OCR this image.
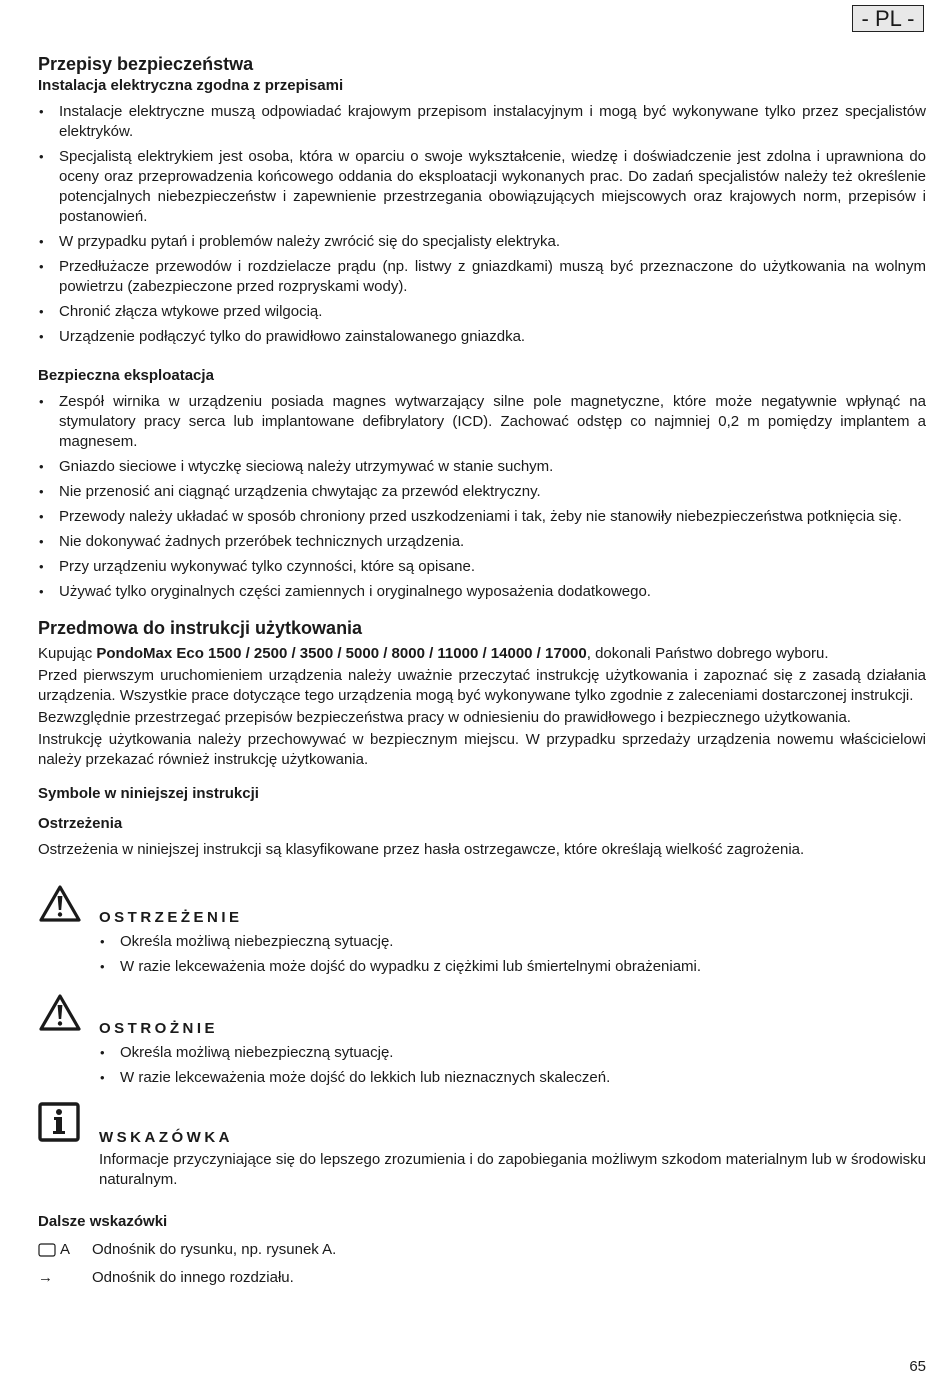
- PL -
Przepisy bezpieczeństwa
Instalacja elektryczna zgodna z przepisami
• Instalacje elektryczne muszą odpowiadać krajowym przepisom instalacyjnym i mogą być wykonywane tylko przez specjalistów elektryków.
• Specjalistą elektrykiem jest osoba, która w oparciu o swoje wykształcenie, wiedzę i doświadczenie jest zdolna i uprawniona do oceny oraz przeprowadzenia końcowego oddania do eksploatacji wykonanych prac. Do zadań specjalistów należy też określenie potencjalnych niebezpieczeństw i zapewnienie przestrzegania obowiązujących miejscowych oraz krajowych norm, przepisów i postanowień.
• W przypadku pytań i problemów należy zwrócić się do specjalisty elektryka.
• Przedłużacze przewodów i rozdzielacze prądu (np. listwy z gniazdkami) muszą być przeznaczone do użytkowania na wolnym powietrzu (zabezpieczone przed rozpryskami wody).
• Chronić złącza wtykowe przed wilgocią.
• Urządzenie podłączyć tylko do prawidłowo zainstalowanego gniazdka.
Bezpieczna eksploatacja
• Zespół wirnika w urządzeniu posiada magnes wytwarzający silne pole magnetyczne, które może negatywnie wpłynąć na stymulatory pracy serca lub implantowane defibrylatory (ICD). Zachować odstęp co najmniej 0,2 m pomiędzy implantem a magnesem.
• Gniazdo sieciowe i wtyczkę sieciową należy utrzymywać w stanie suchym.
• Nie przenosić ani ciągnąć urządzenia chwytając za przewód elektryczny.
• Przewody należy układać w sposób chroniony przed uszkodzeniami i tak, żeby nie stanowiły niebezpieczeństwa potknięcia się.
• Nie dokonywać żadnych przeróbek technicznych urządzenia.
• Przy urządzeniu wykonywać tylko czynności, które są opisane.
• Używać tylko oryginalnych części zamiennych i oryginalnego wyposażenia dodatkowego.
Przedmowa do instrukcji użytkowania

Kupując PondoMax Eco 1500 / 2500 / 3500 / 5000 / 8000 / 11000 / 14000 / 17000, dokonali Państwo dobrego wyboru.

Przed pierwszym uruchomieniem urządzenia należy uważnie przeczytać instrukcję użytkowania i zapoznać się z zasadą działania urządzenia. Wszystkie prace dotyczące tego urządzenia mogą być wykonywane tylko zgodnie z zaleceniami dostarczonej instrukcji.

Bezwzględnie przestrzegać przepisów bezpieczeństwa pracy w odniesieniu do prawidłowego i bezpiecznego użytkowania.

Instrukcję użytkowania należy przechowywać w bezpiecznym miejscu. W przypadku sprzedaży urządzenia nowemu właścicielowi należy przekazać również instrukcję użytkowania.

Symbole w niniejszej instrukcji
Ostrzeżenia

Ostrzeżenia w niniejszej instrukcji są klasyfikowane przez hasła ostrzegawcze, które określają wielkość zagrożenia.

OSTRZEŻENIE
• Określa możliwą niebezpieczną sytuację.
• W razie lekceważenia może dojść do wypadku z ciężkimi lub śmiertelnymi obrażeniami.
OSTROŻNIE
• Określa możliwą niebezpieczną sytuację.
• W razie lekceważenia może dojść do lekkich lub nieznacznych skaleczeń.
WSKAZÓWKA

Informacje przyczyniające się do lepszego zrozumienia i do zapobiegania możliwym szkodom materialnym lub w środowisku naturalnym.

Dalsze wskazówki
A Odnośnik do rysunku, np. rysunek A.
→	Odnośnik do innego rozdziału.
65
